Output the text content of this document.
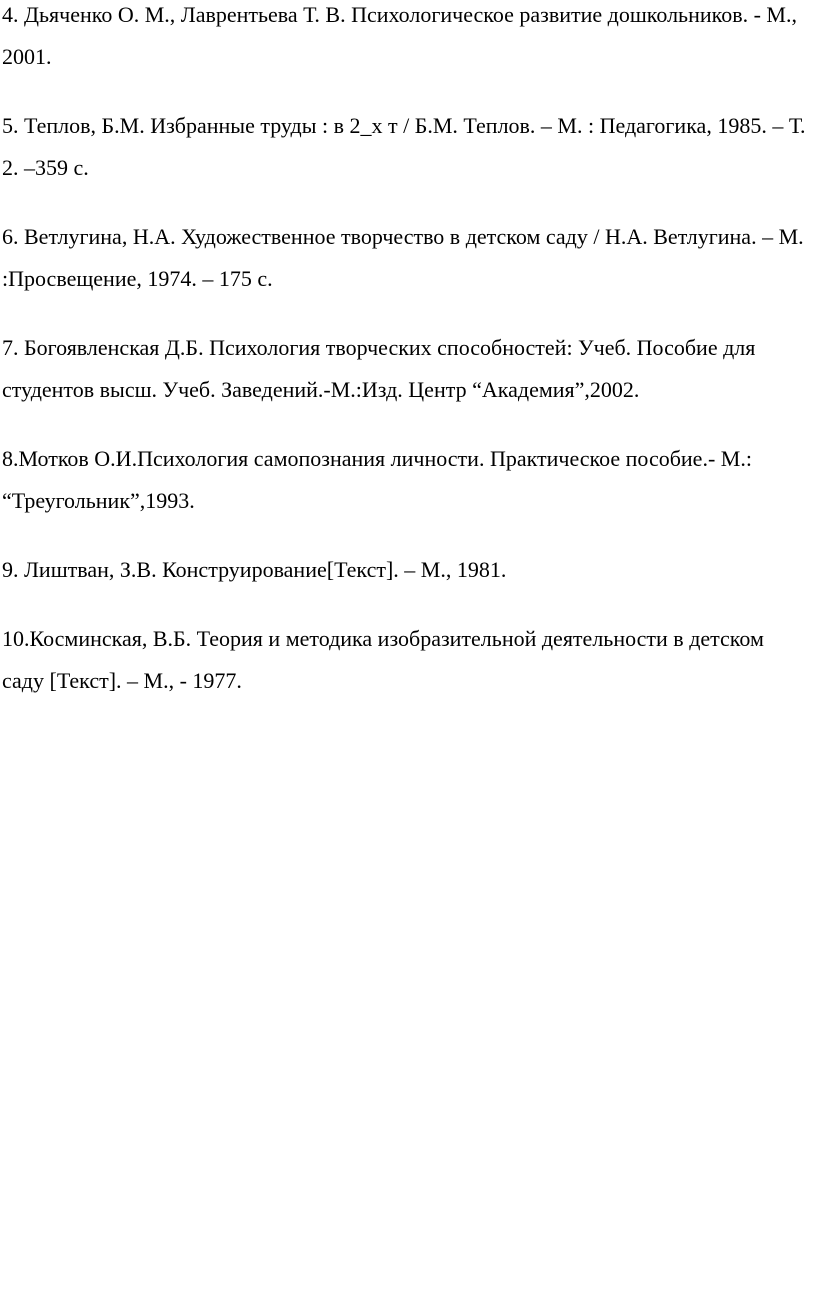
4. Дьяченко О. М., Лаврентьева Т. В. Психологическое развитие дошкольников. - М., 2001.

5. Теплов, Б.М. Избранные труды : в 2_х т / Б.М. Теплов. – М. : Педагогика, 1985. – Т. 2. –359 с.

6. Ветлугина, Н.А. Художественное творчество в детском саду / Н.А. Ветлугина. – М. :Просвещение, 1974. – 175 с.

7. Богоявленская Д.Б. Психология творческих способностей: Учеб. Пособие для студентов высш. Учеб. Заведений.-М.:Изд. Центр “Академия”,2002.

8.Мотков О.И.Психология самопознания личности. Практическое пособие.- М.: “Треугольник”,1993.

9. Лиштван, З.В. Конструирование[Текст]. – М., 1981.

10.Косминская, В.Б. Теория и методика изобразительной деятельности в детском саду [Текст]. – М., - 1977.
